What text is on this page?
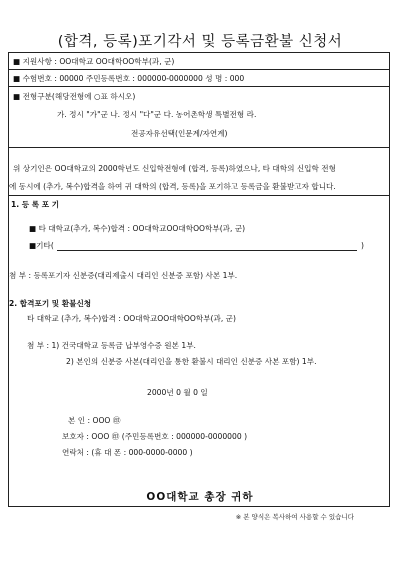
(합격, 등록)포기각서 및 등록금환불 신청서
■ 지원사항 : OO대학교 OO대학OO학부(과, 군)
■ 수험번호 : 00000 주민등록번호 : 000000-0000000 성 명 : 000
■ 전형구분(해당전형에 ○표 하시오)
가. 정시 "가"군 나. 정시 "다"군 다. 농어촌학생 특별전형 라.
전공자유선택(인문계/자연계)
위 상기인은 OO대학교의 2000학년도 신입학전형에 (합격, 등록)하였으나, 타 대학의 신입학 전형
에 동시에 (추가, 복수)합격을 하여 귀 대학의 (합격, 등록)을 포기하고 등록금을 환불받고자 합니다.
1. 등 록 포 기
■ 타 대학교(추가, 복수)합격 : OO대학교OO대학OO학부(과, 군)
■기타(	)
첨 부 : 등록포기자 신분증(대리제출시 대리인 신분증 포함) 사본 1부.
2. 합격포기 및 환불신청
타 대학교 (추가, 복수)합격 : OO대학교OO대학OO학부(과, 군)
첨 부 : 1) 건국대학교 등록금 납부영수증 원본 1부.
2) 본인의 신분증 사본(대리인을 통한 환불시 대리인 신분증 사본 포함) 1부.
2000년 0 월 0 일
본 인 : OOO ㊞
보호자 : OOO ㊞ (주민등록번호 : 000000-0000000 )
연락처 : (휴 대 폰 : 000-0000-0000 )
OO대학교 총장 귀하
※ 본 양식은 복사하여 사용할 수 있습니다
